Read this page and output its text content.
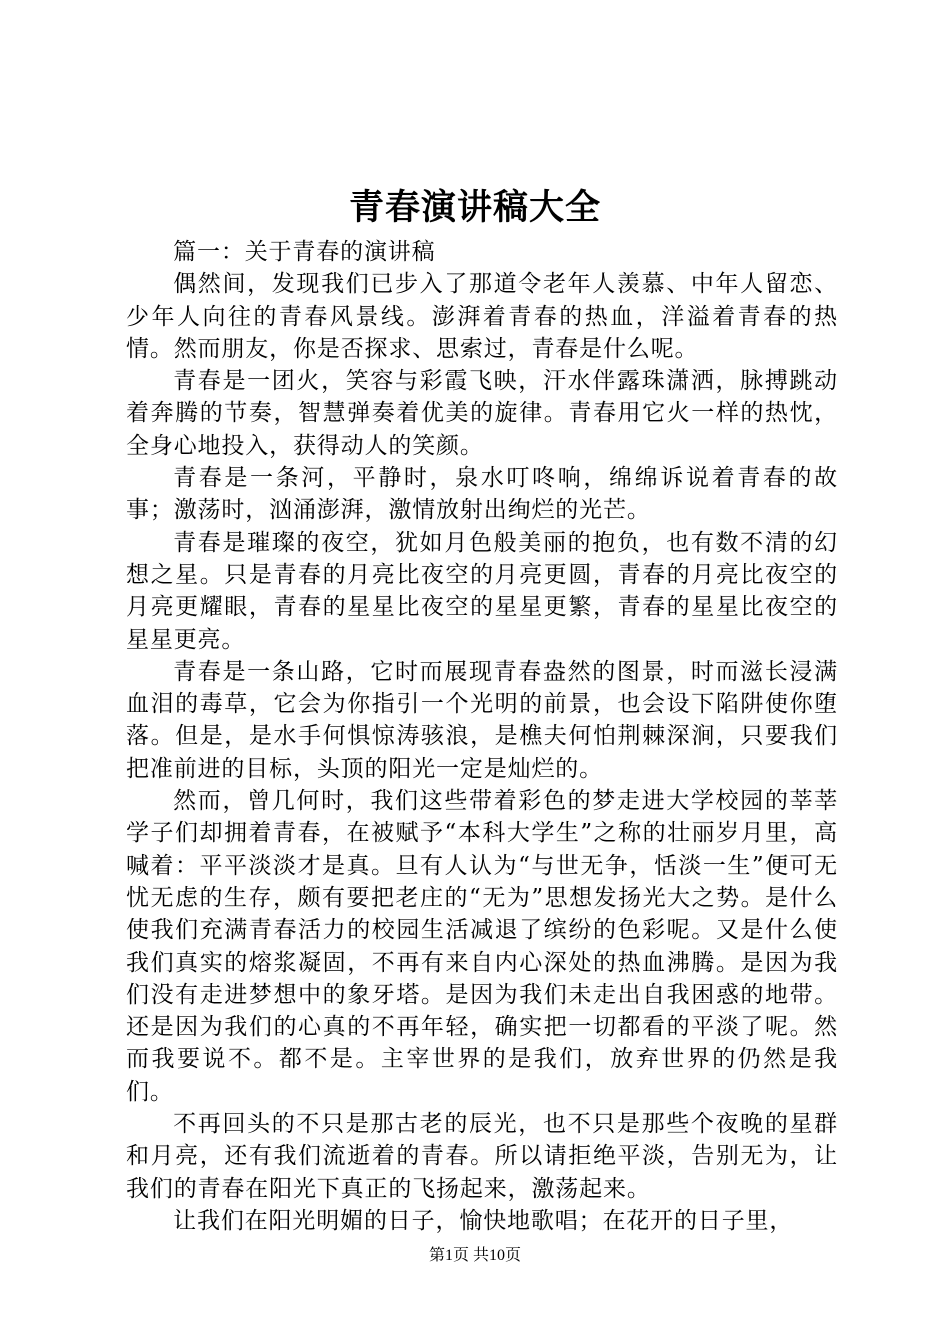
青春演讲稿大全

篇一：关于青春的演讲稿

偶然间，发现我们已步入了那道令老年人羡慕、中年人留恋、少年人向往的青春风景线。澎湃着青春的热血，洋溢着青春的热情。然而朋友，你是否探求、思索过，青春是什么呢。

青春是一团火，笑容与彩霞飞映，汗水伴露珠潇洒，脉搏跳动着奔腾的节奏，智慧弹奏着优美的旋律。青春用它火一样的热忱，全身心地投入，获得动人的笑颜。

青春是一条河，平静时，泉水叮咚响，绵绵诉说着青春的故事；激荡时，汹涌澎湃，激情放射出绚烂的光芒。

青春是璀璨的夜空，犹如月色般美丽的抱负，也有数不清的幻想之星。只是青春的月亮比夜空的月亮更圆，青春的月亮比夜空的月亮更耀眼，青春的星星比夜空的星星更繁，青春的星星比夜空的星星更亮。

青春是一条山路，它时而展现青春盎然的图景，时而滋长浸满血泪的毒草，它会为你指引一个光明的前景，也会设下陷阱使你堕落。但是，是水手何惧惊涛骇浪，是樵夫何怕荆棘深涧，只要我们把准前进的目标，头顶的阳光一定是灿烂的。

然而，曾几何时，我们这些带着彩色的梦走进大学校园的莘莘学子们却拥着青春，在被赋予“本科大学生”之称的壮丽岁月里，高喊着：平平淡淡才是真。旦有人认为“与世无争，恬淡一生”便可无忧无虑的生存，颇有要把老庄的“无为”思想发扬光大之势。是什么使我们充满青春活力的校园生活减退了缤纷的色彩呢。又是什么使我们真实的熔浆凝固，不再有来自内心深处的热血沸腾。是因为我们没有走进梦想中的象牙塔。是因为我们未走出自我困惑的地带。还是因为我们的心真的不再年轻，确实把一切都看的平淡了呢。然而我要说不。都不是。主宰世界的是我们，放弃世界的仍然是我们。

不再回头的不只是那古老的辰光，也不只是那些个夜晚的星群和月亮，还有我们流逝着的青春。所以请拒绝平淡，告别无为，让我们的青春在阳光下真正的飞扬起来，激荡起来。

让我们在阳光明媚的日子，愉快地歌唱；在花开的日子里，

第1页 共10页
